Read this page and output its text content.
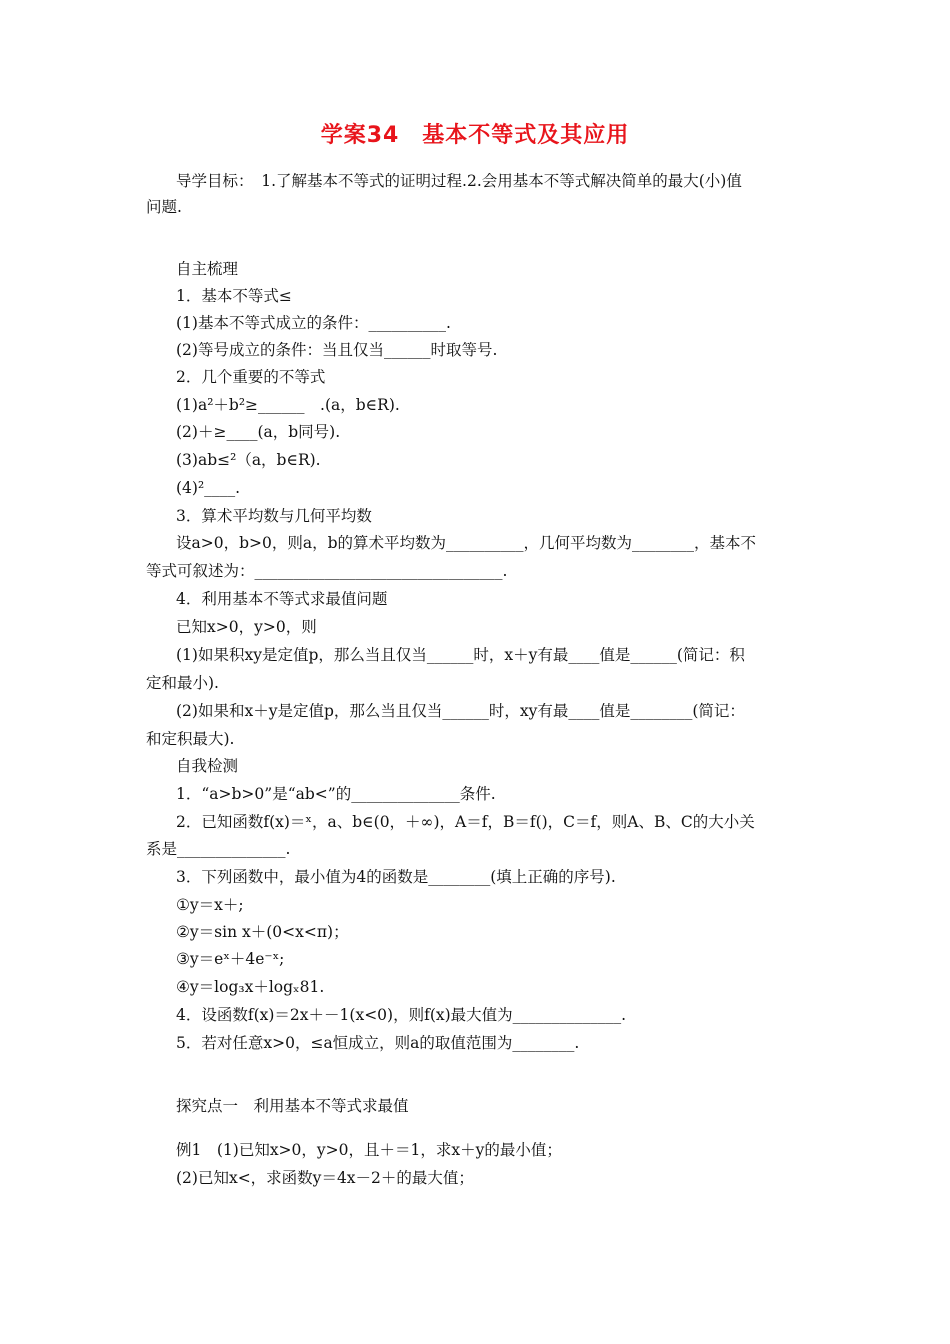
学案34　基本不等式及其应用
导学目标：　1.了解基本不等式的证明过程.2.会用基本不等式解决简单的最大(小)值
问题.
自主梳理
1．基本不等式≤
(1)基本不等式成立的条件：__________.
(2)等号成立的条件：当且仅当______时取等号.
2．几个重要的不等式
(1)a²＋b²≥______　.(a，b∈R).
(2)＋≥____(a，b同号).
(3)ab≤²（a，b∈R).
(4)²____.
3．算术平均数与几何平均数
设a>0，b>0，则a，b的算术平均数为__________，几何平均数为________，基本不
等式可叙述为：________________________________.
4．利用基本不等式求最值问题
已知x>0，y>0，则
(1)如果积xy是定值p，那么当且仅当______时，x＋y有最____值是______(简记：积
定和最小).
(2)如果和x＋y是定值p，那么当且仅当______时，xy有最____值是________(简记：
和定积最大).
自我检测
1．“a>b>0”是“ab<”的______________条件.
2．已知函数f(x)＝ˣ，a、b∈(0，＋∞)，A＝f，B＝f()，C＝f，则A、B、C的大小关
系是______________.
3．下列函数中，最小值为4的函数是________(填上正确的序号).
①y＝x＋;
②y＝sin x＋(0<x<π)；
③y＝eˣ＋4e⁻ˣ;
④y＝log₃x＋logₓ81.
4．设函数f(x)＝2x＋－1(x<0)，则f(x)最大值为______________.
5．若对任意x>0，≤a恒成立，则a的取值范围为________.
探究点一　利用基本不等式求最值
例1　(1)已知x>0，y>0，且＋＝1，求x＋y的最小值；
(2)已知x<，求函数y＝4x－2＋的最大值；
